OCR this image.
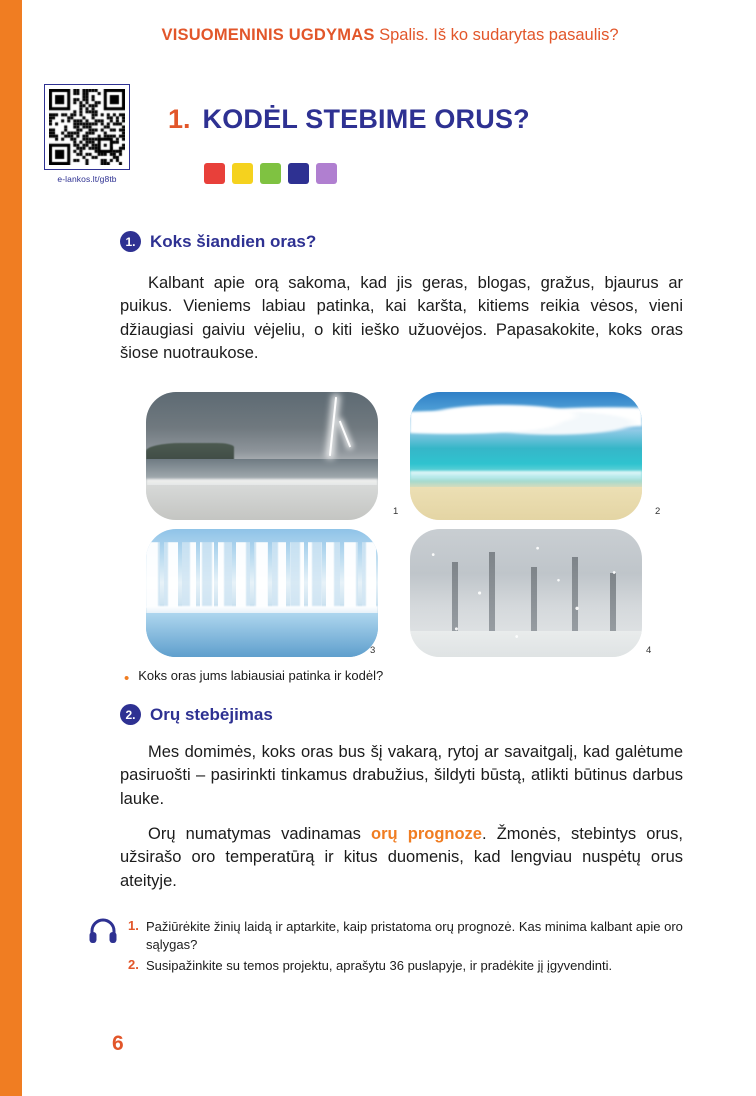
VISUOMENINIS UGDYMAS Spalis. Iš ko sudarytas pasaulis?
e-lankos.lt/g8tb
1. KODĖL STEBIME ORUS?
1. Koks šiandien oras?
Kalbant apie orą sakoma, kad jis geras, blogas, gražus, bjaurus ar puikus. Vieniems labiau patinka, kai karšta, kitiems reikia vėsos, vieni džiaugiasi gaiviu vėjeliu, o kiti ieško užuovėjos. Papasakokite, koks oras šiose nuotraukose.
1	2
3	4
• Koks oras jums labiausiai patinka ir kodėl?
2. Orų stebėjimas
Mes domimės, koks oras bus šį vakarą, rytoj ar savaitgalį, kad galėtume pasiruošti – pasirinkti tinkamus drabužius, šildyti būstą, atlikti būtinus darbus lauke.
Orų numatymas vadinamas orų prognoze. Žmonės, stebintys orus, užsirašo oro temperatūrą ir kitus duomenis, kad lengviau nuspėtų orus ateityje.
1. Pažiūrėkite žinių laidą ir aptarkite, kaip pristatoma orų prognozė. Kas minima kalbant apie oro sąlygas?
2. Susipažinkite su temos projektu, aprašytu 36 puslapyje, ir pradėkite jį įgyvendinti.
6
